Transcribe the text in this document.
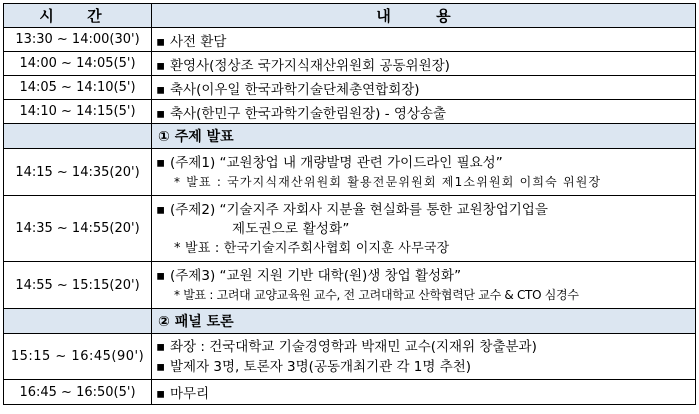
시 간	내 용
13:30 ~ 14:00(30')	▪ 사전 환담
14:00 ~ 14:05(5')	▪ 환영사(정상조 국가지식재산위원회 공동위원장)
14:05 ~ 14:10(5')	▪ 축사(이우일 한국과학기술단체총연합회장)
14:10 ~ 14:15(5')	▪ 축사(한민구 한국과학기술한림원장) - 영상송출
	① 주제 발표
14:15 ~ 14:35(20')	▪ (주제1) “교원창업 내 개량발명 관련 가이드라인 필요성”
* 발표 : 국가지식재산위원회 활용전문위원회 제1소위원회 이희숙 위원장

14:35 ~ 14:55(20')	▪ (주제2) “기술지주 자회사 지분율 현실화를 통한 교원창업기업을
제도권으로 활성화”
* 발표 : 한국기술지주회사협회 이지훈 사무국장

14:55 ~ 15:15(20')	▪ (주제3) “교원 지원 기반 대학(원)생 창업 활성화”
* 발표 : 고려대 교양교육원 교수, 전 고려대학교 산학협력단 교수 & CTO 심경수

	② 패널 토론
15:15 ~ 16:45(90')	▪ 좌장 : 건국대학교 기술경영학과 박재민 교수(지재위 창출분과)
▪ 발제자 3명, 토론자 3명(공동개최기관 각 1명 추천)

16:45 ~ 16:50(5')	▪ 마무리
